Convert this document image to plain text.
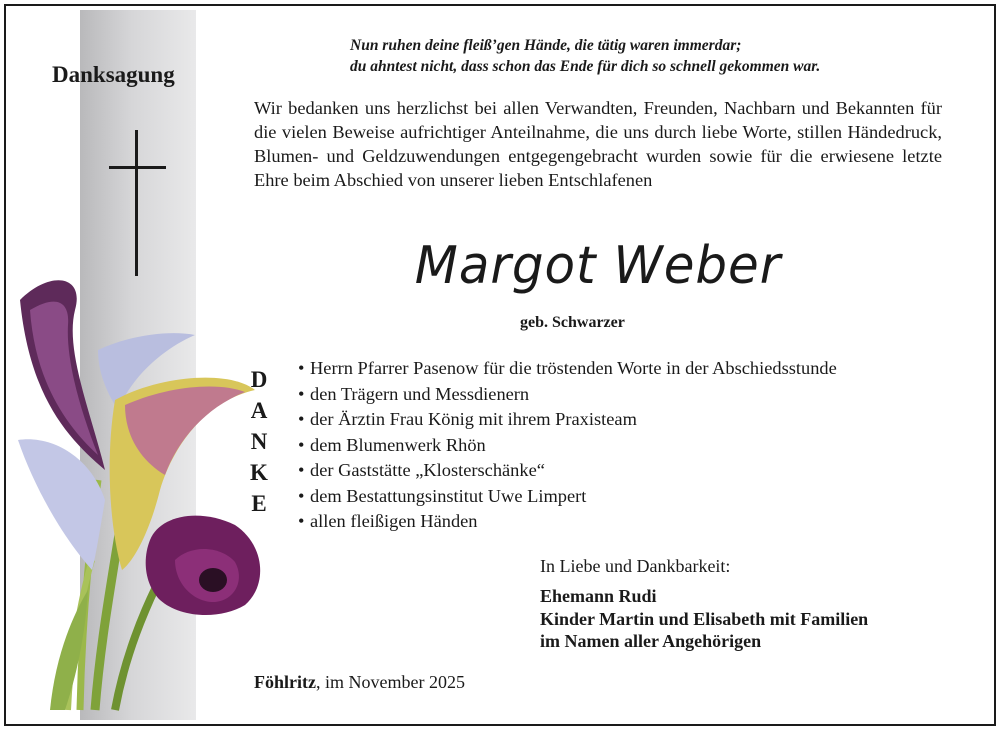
Danksagung
Nun ruhen deine fleiß’gen Hände, die tätig waren immerdar;
du ahntest nicht, dass schon das Ende für dich so schnell gekommen war.
Wir bedanken uns herzlichst bei allen Verwandten, Freunden, Nachbarn und Bekannten für die vielen Beweise aufrichtiger Anteilnahme, die uns durch liebe Worte, stillen Händedruck, Blumen- und Geldzuwendungen entgegengebracht wurden sowie für die erwiesene letzte Ehre beim Abschied von unserer lieben Entschlafenen
Margot Weber
geb. Schwarzer
D
A
N
K
E
• Herrn Pfarrer Pasenow für die tröstenden Worte in der Abschiedsstunde
• den Trägern und Messdienern
• der Ärztin Frau König mit ihrem Praxisteam
• dem Blumenwerk Rhön
• der Gaststätte „Klosterschänke“
• dem Bestattungsinstitut Uwe Limpert
• allen fleißigen Händen
In Liebe und Dankbarkeit:
Ehemann Rudi
Kinder Martin und Elisabeth mit Familien
im Namen aller Angehörigen
Föhlritz, im November 2025
